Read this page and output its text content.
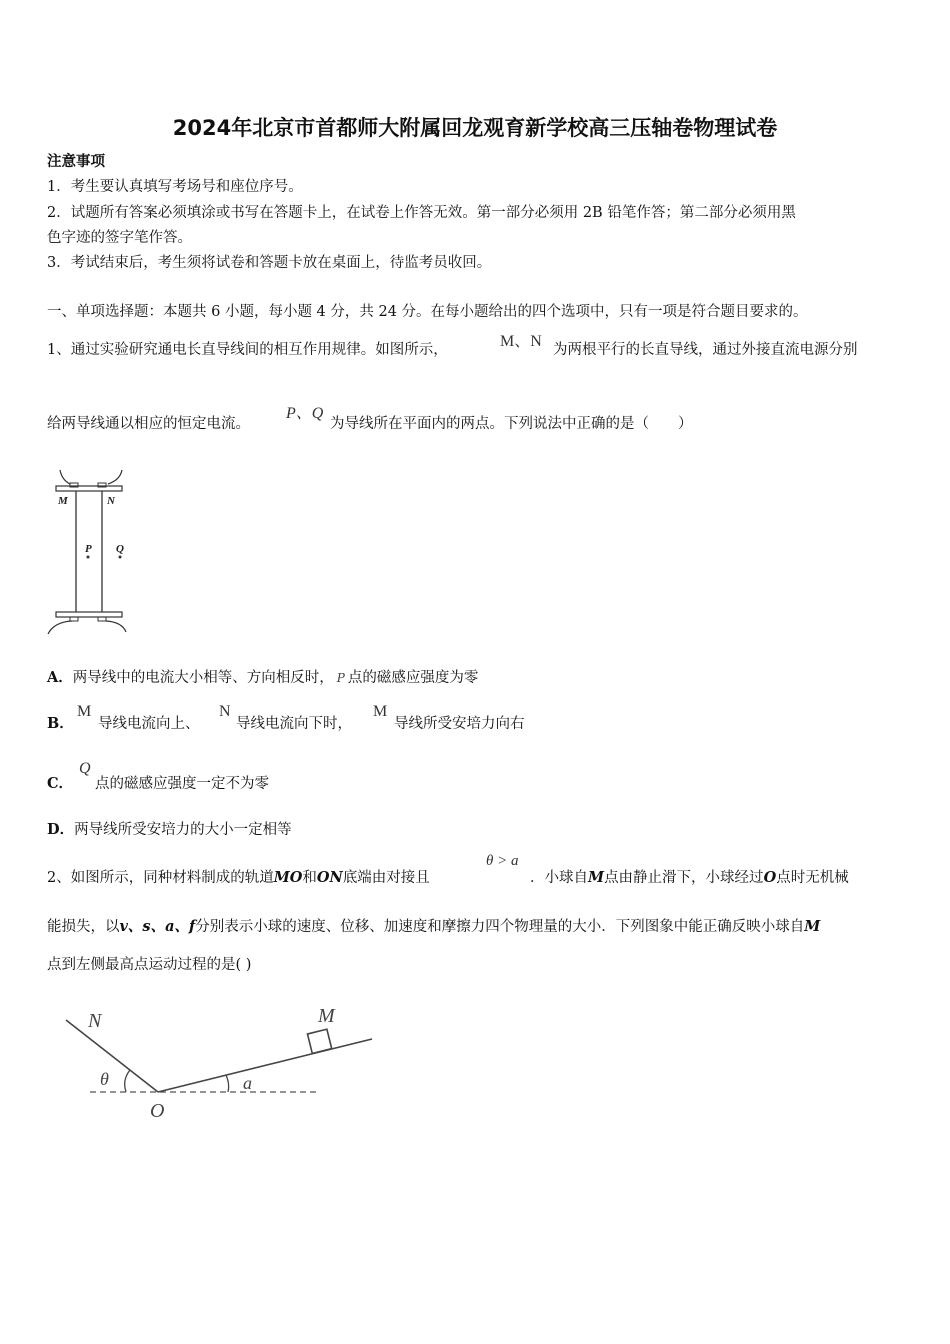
2024年北京市首都师大附属回龙观育新学校高三压轴卷物理试卷
注意事项
1．考生要认真填写考场号和座位序号。
2．试题所有答案必须填涂或书写在答题卡上，在试卷上作答无效。第一部分必须用 2B 铅笔作答；第二部分必须用黑
色字迹的签字笔作答。
3．考试结束后，考生须将试卷和答题卡放在桌面上，待监考员收回。
一、单项选择题：本题共 6 小题，每小题 4 分，共 24 分。在每小题给出的四个选项中，只有一项是符合题目要求的。
1、通过实验研究通电长直导线间的相互作用规律。如图所示，	M、N 为两根平行的长直导线，通过外接直流电源分别
给两导线通以相应的恒定电流。
P、Q
为导线所在平面内的两点。下列说法中正确的是（　　）
M	N
P Q
A．两导线中的电流大小相等、方向相反时， P 点的磁感应强度为零
B．
M
导线电流向上、
N
导线电流向下时，
M
导线所受安培力向右
C．
Q
点的磁感应强度一定不为零
D．两导线所受安培力的大小一定相等
2、如图所示，同种材料制成的轨道MO和ON底端由对接且
θ > a
．小球自M点由静止滑下，小球经过O点时无机械
能损失，以v、s、a、f分别表示小球的速度、位移、加速度和摩擦力四个物理量的大小．下列图象中能正确反映小球自M
点到左侧最高点运动过程的是( )
N	M
θ	a
O
